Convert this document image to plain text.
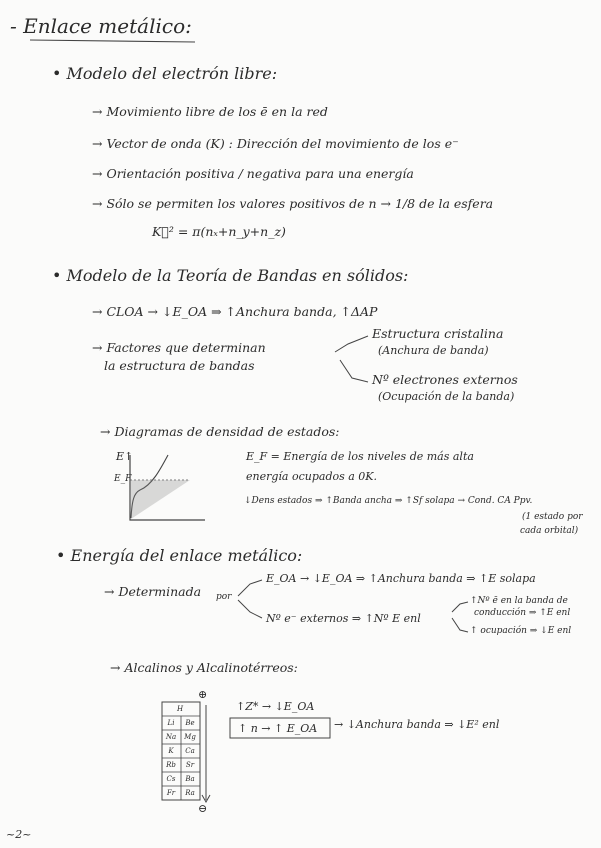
- Enlace metálico:
• Modelo del electrón libre:
→ Movimiento libre de los ē en la red
→ Vector de onda (K) : Dirección del movimiento de los e⁻
→ Orientación positiva / negativa para una energía
→ Sólo se permiten los valores positivos de n → 1/8 de la esfera
K⃗² = π(nₓ+n_y+n_z)
• Modelo de la Teoría de Bandas en sólidos:
→ CLOA → ↓E_OA ⇒ ↑Anchura banda, ↑ΔAP
→ Factores que determinan
la estructura de bandas
Estructura cristalina
(Anchura de banda)
Nº electrones externos
(Ocupación de la banda)
→ Diagramas de densidad de estados:
E↑
E_F
E_F = Energía de los niveles de más alta
energía ocupados a 0K.
↓Dens estados ⇒ ↑Banda ancha ⇒ ↑Sf solapa → Cond. CA Ppv.
(1 estado por
cada orbital)
• Energía del enlace metálico:
→ Determinada por
E_OA → ↓E_OA ⇒ ↑Anchura banda ⇒ ↑E solapa
Nº e⁻ externos ⇒ ↑Nº E enl
↑Nº ē en la banda de
conducción ⇒ ↑E enl
↑ ocupación ⇒ ↓E enl
→ Alcalinos y Alcalinotérreos:
⊕
⊖
H
Li	Be
Na	Mg
K	Ca
Rb	Sr
Cs	Ba
Fr	Ra
↑Z* → ↓E_OA
↑ n → ↑ E_OA → ↓Anchura banda ⇒ ↓E² enl
~2~
